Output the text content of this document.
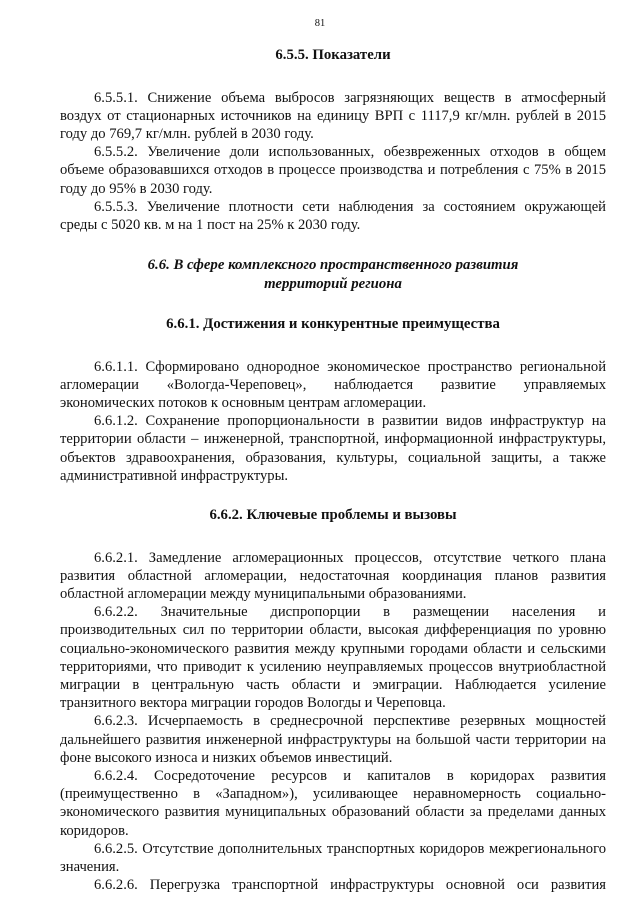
81
6.5.5. Показатели

6.5.5.1. Снижение объема выбросов загрязняющих веществ в атмосферный воздух от стационарных источников на единицу ВРП с 1117,9 кг/млн. рублей в 2015 году до 769,7 кг/млн. рублей в 2030 году.

6.5.5.2. Увеличение доли использованных, обезвреженных отходов в общем объеме образовавшихся отходов в процессе производства и потребления с 75% в 2015 году до 95% в 2030 году.

6.5.5.3. Увеличение плотности сети наблюдения за состоянием окружающей среды с 5020 кв. м на 1 пост на 25% к 2030 году.

6.6. В сфере комплексного пространственного развития
территорий региона
6.6.1. Достижения и конкурентные преимущества

6.6.1.1. Сформировано однородное экономическое пространство региональной агломерации «Вологда-Череповец», наблюдается развитие управляемых экономических потоков к основным центрам агломерации.

6.6.1.2. Сохранение пропорциональности в развитии видов инфраструктур на территории области – инженерной, транспортной, информационной инфраструктуры, объектов здравоохранения, образования, культуры, социальной защиты, а также административной инфраструктуры.

6.6.2. Ключевые проблемы и вызовы

6.6.2.1. Замедление агломерационных процессов, отсутствие четкого плана развития областной агломерации, недостаточная координация планов развития областной агломерации между муниципальными образованиями.

6.6.2.2. Значительные диспропорции в размещении населения и производительных сил по территории области, высокая дифференциация по уровню социально-экономического развития между крупными городами области и сельскими территориями, что приводит к усилению неуправляемых процессов внутриобластной миграции в центральную часть области и эмиграции. Наблюдается усиление транзитного вектора миграции городов Вологды и Череповца.

6.6.2.3. Исчерпаемость в среднесрочной перспективе резервных мощностей дальнейшего развития инженерной инфраструктуры на большой части территории на фоне высокого износа и низких объемов инвестиций.

6.6.2.4. Сосредоточение ресурсов и капиталов в коридорах развития (преимущественно в «Западном»), усиливающее неравномерность социально-экономического развития муниципальных образований области за пределами данных коридоров.

6.6.2.5. Отсутствие дополнительных транспортных коридоров межрегионального значения.

6.6.2.6. Перегрузка транспортной инфраструктуры основной оси развития
